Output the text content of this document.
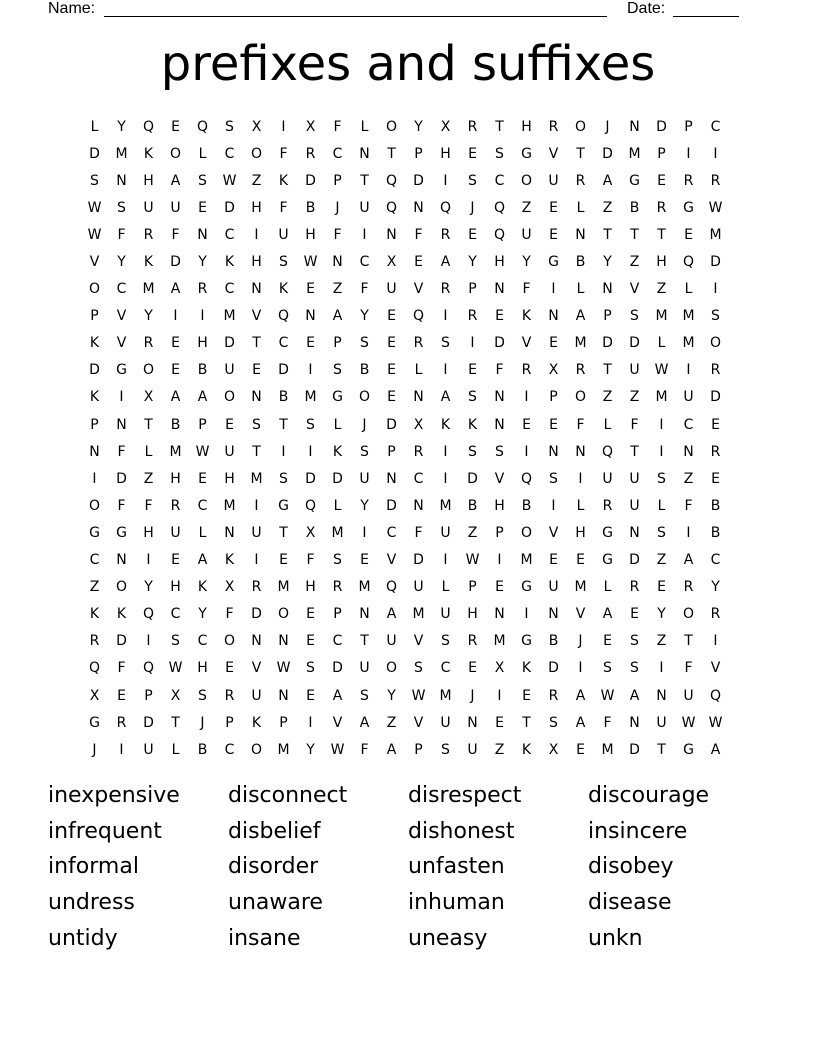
Name:	Date:
prefixes and suffixes
L	Y	Q	E	Q	S	X	I	X	F	L	O	Y	X	R	T	H	R	O	J	N	D	P	C
D	M	K	O	L	C	O	F	R	C	N	T	P	H	E	S	G	V	T	D	M	P	I	I
S	N	H	A	S	W	Z	K	D	P	T	Q	D	I	S	C	O	U	R	A	G	E	R	R
W	S	U	U	E	D	H	F	B	J	U	Q	N	Q	J	Q	Z	E	L	Z	B	R	G	W
W	F	R	F	N	C	I	U	H	F	I	N	F	R	E	Q	U	E	N	T	T	T	E	M
V	Y	K	D	Y	K	H	S	W	N	C	X	E	A	Y	H	Y	G	B	Y	Z	H	Q	D
O	C	M	A	R	C	N	K	E	Z	F	U	V	R	P	N	F	I	L	N	V	Z	L	I
P	V	Y	I	I	M	V	Q	N	A	Y	E	Q	I	R	E	K	N	A	P	S	M	M	S
K	V	R	E	H	D	T	C	E	P	S	E	R	S	I	D	V	E	M	D	D	L	M	O
D	G	O	E	B	U	E	D	I	S	B	E	L	I	E	F	R	X	R	T	U	W	I	R
K	I	X	A	A	O	N	B	M	G	O	E	N	A	S	N	I	P	O	Z	Z	M	U	D
P	N	T	B	P	E	S	T	S	L	J	D	X	K	K	N	E	E	F	L	F	I	C	E
N	F	L	M	W	U	T	I	I	K	S	P	R	I	S	S	I	N	N	Q	T	I	N	R
I	D	Z	H	E	H	M	S	D	D	U	N	C	I	D	V	Q	S	I	U	U	S	Z	E
O	F	F	R	C	M	I	G	Q	L	Y	D	N	M	B	H	B	I	L	R	U	L	F	B
G	G	H	U	L	N	U	T	X	M	I	C	F	U	Z	P	O	V	H	G	N	S	I	B
C	N	I	E	A	K	I	E	F	S	E	V	D	I	W	I	M	E	E	G	D	Z	A	C
Z	O	Y	H	K	X	R	M	H	R	M	Q	U	L	P	E	G	U	M	L	R	E	R	Y
K	K	Q	C	Y	F	D	O	E	P	N	A	M	U	H	N	I	N	V	A	E	Y	O	R
R	D	I	S	C	O	N	N	E	C	T	U	V	S	R	M	G	B	J	E	S	Z	T	I
Q	F	Q	W	H	E	V	W	S	D	U	O	S	C	E	X	K	D	I	S	S	I	F	V
X	E	P	X	S	R	U	N	E	A	S	Y	W	M	J	I	E	R	A	W	A	N	U	Q
G	R	D	T	J	P	K	P	I	V	A	Z	V	U	N	E	T	S	A	F	N	U	W W
J	I	U	L	B	C	O	M	Y	W	F	A	P	S	U	Z	K	X	E	M	D	T	G	A
inexpensive	disconnect	disrespect	discourage
infrequent	disbelief	dishonest	insincere
informal	disorder	unfasten	disobey
undress	unaware	inhuman	disease
untidy	insane	uneasy	unkn
